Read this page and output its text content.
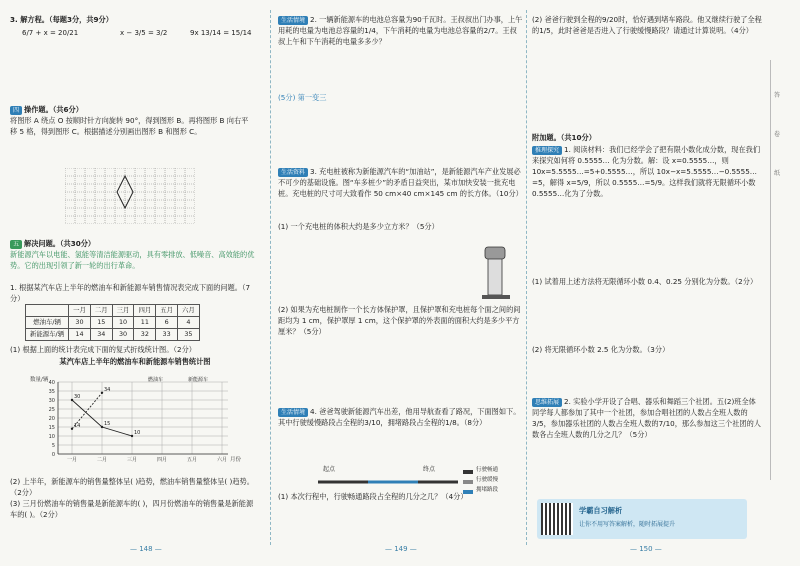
3. 解方程。（每题3分，共9分）
6/7 + x = 20/21	x − 3/5 = 3/2	9x 13/14 = 15/14
四 操作题。（共6分）
将图形 A 绕点 O 按顺时针方向旋转 90°，得到图形 B。再将图形 B 向右平移 5 格，得到图形 C。根据描述分别画出图形 B 和图形 C。
五 解决问题。（共30分）
新能源汽车以电能、氢能等清洁能源驱动，具有零排放、低噪音、高效能的优势。它的出现引领了新一轮的出行革命。
1. 根据某汽车店上半年的燃油车和新能源车销售情况表完成下面的问题。（7分）
	一月	二月	三月	四月	五月	六月
燃油车/辆	30	15	10	11	6	4
新能源车/辆	14	34	30	32	33	35
(1) 根据上面的统计表完成下面的复式折线统计图。（2分）
某汽车店上半年的燃油车和新能源车销售统计图
0
5
10
15
20
25
30
35
40
一月	二月	三月	四月	五月	六月
数量/辆
月份
30
15
10
燃油车
14
34
新能源车
(2) 上半年，新能源车的销售量整体呈( )趋势，燃油车销售量整体呈( )趋势。（2分）
(3) 三月份燃油车的销售量是新能源车的( )，四月份燃油车的销售量是新能源车的( )。（2分）
— 148 —
生活情境 2. 一辆新能源车的电池总容量为90千瓦时。王叔叔出门办事，上午用耗的电量为电池总容量的1/4，下午消耗的电量为电池总容量的2/7。王叔叔上午和下午消耗的电量多多少？
(5分) 第一变三
生活资料 3. 充电桩被称为新能源汽车的“加油站”，是新能源汽车产业发展必不可少的基础设施。图“车多桩少”的矛盾日益突出，某市加快安装一批充电桩。充电桩的尺寸可大致看作 50 cm×40 cm×145 cm 的长方体。（10分）
(1) 一个充电桩的体积大约是多少立方米？（5分）
(2) 如果为充电桩制作一个长方体保护罩，且保护罩和充电桩每个面之间的间距均为 1 cm，保护罩厚 1 cm，这个保护罩的外表面的面积大约是多少平方厘米？（5分）
生活情境 4. 爸爸驾驶新能源汽车出差，他用导航查看了路况，下面图如下。其中行驶缓慢路段占全程的3/10，拥堵路段占全程的1/8。（8分）
起点	终点	行驶畅通
行驶缓慢
拥堵路段
(1) 本次行程中，行驶畅通路段占全程的几分之几？（4分）
— 149 —
(2) 爸爸行驶到全程的9/20时，恰好遇到堵车路段。他又继续行驶了全程的1/5，此时爸爸是否进入了行驶缓慢路段？请通过计算说明。（4分）
附加题。（共10分）
推理探究 1. 阅读材料：我们已经学会了把有限小数化成分数，现在我们来探究如何将 0.5555… 化为分数。解：设 x=0.5555…，则 10x=5.5555…=5+0.5555…，所以 10x−x=5.5555…−0.5555…=5，解得 x=5/9，所以 0.5555…=5/9。这样我们就将无限循环小数 0.5555…化为了分数。
(1) 试着用上述方法将无限循环小数 0.4、0.25 分别化为分数。（2分）
(2) 将无限循环小数 2.5 化为分数。（3分）
思维拓展 2. 实验小学开设了合唱、器乐和舞蹈三个社团。五(2)班全体同学每人都参加了其中一个社团，参加合唱社团的人数占全班人数的3/5，参加器乐社团的人数占全班人数的7/10，那么参加这三个社团的人数各占全班人数的几分之几？（5分）
学霸自习解析
让你不用写答案解析，随时拓展提升
— 150 —
答
卷
纸
